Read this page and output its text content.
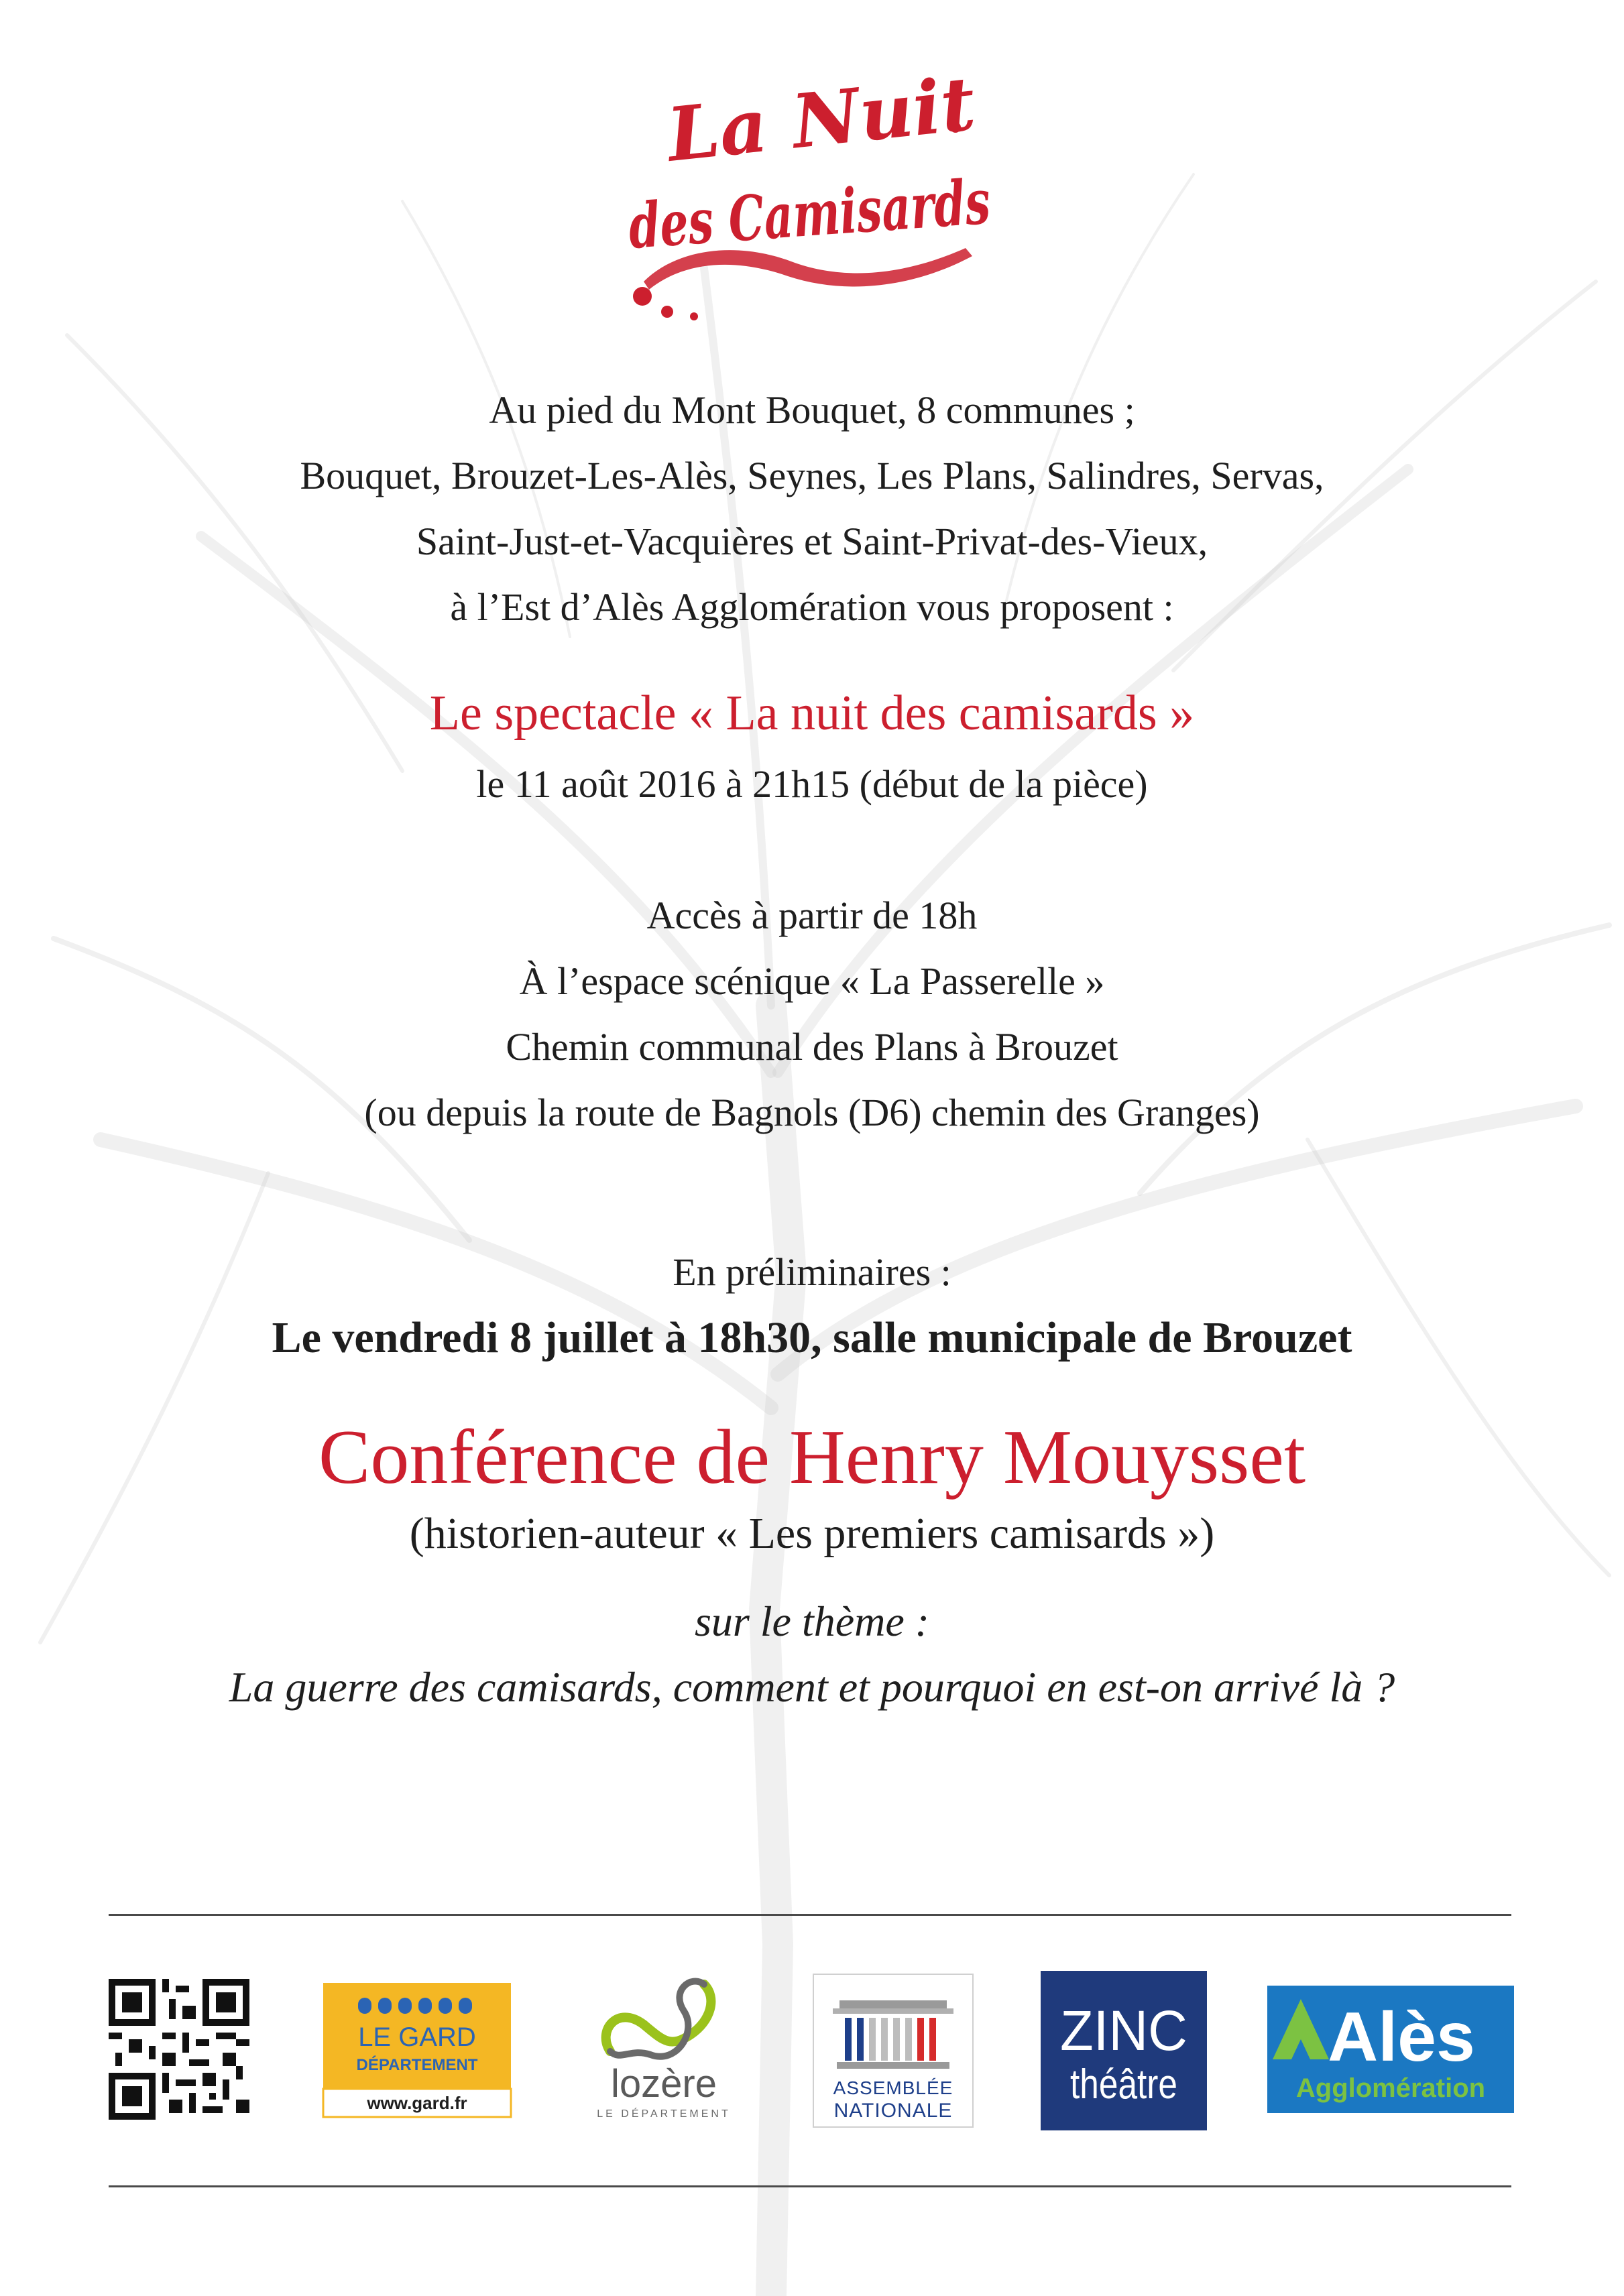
La Nuit
des Camisards
Au pied du Mont Bouquet, 8 communes ;
Bouquet, Brouzet-Les-Alès, Seynes, Les Plans, Salindres, Servas,
Saint-Just-et-Vacquières et Saint-Privat-des-Vieux,
à l’Est d’Alès Agglomération vous proposent :
Le spectacle « La nuit des camisards »
le 11 août 2016 à 21h15 (début de la pièce)
Accès à partir de 18h
À l’espace scénique « La Passerelle »
Chemin communal des Plans à Brouzet
(ou depuis la route de Bagnols (D6) chemin des Granges)
En préliminaires :
Le vendredi 8 juillet à 18h30, salle municipale de Brouzet
Conférence de Henry Mouysset
(historien-auteur « Les premiers camisards »)
sur le thème :
La guerre des camisards, comment et pourquoi en est-on arrivé là ?
LE GARD
DÉPARTEMENT
www.gard.fr	lozère
LE DÉPARTEMENT
ASSEMBLÉE
NATIONALE
ZINC
théâtre
Alès
Agglomération
